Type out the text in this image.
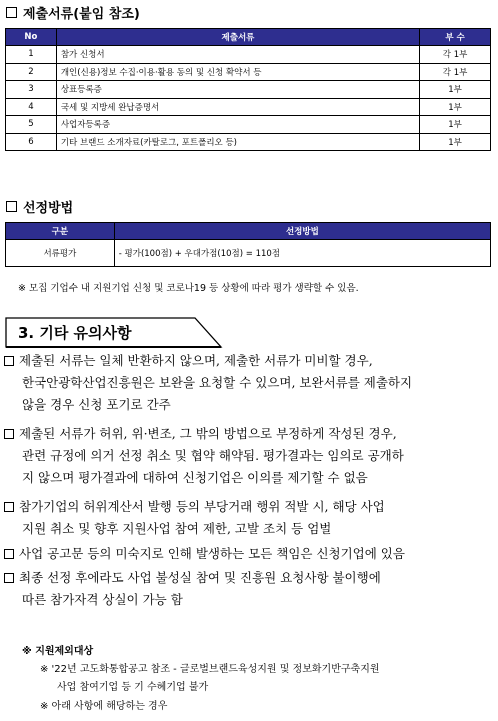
제출서류(붙임 참조)
No	제출서류	부 수
1	참가 신청서	각 1부
2	개인(신용)정보 수집·이용·활용 동의 및 신청 확약서 등	각 1부
3	상표등록증	1부
4	국세 및 지방세 완납증명서	1부
5	사업자등록증	1부
6	기타 브랜드 소개자료(카탈로그, 포트폴리오 등)	1부
선정방법
구분	선정방법
서류평가	- 평가(100점) + 우대가점(10점) = 110점
※ 모집 기업수 내 지원기업 신청 및 코로나19 등 상황에 따라 평가 생략할 수 있음.
3. 기타 유의사항
제출된 서류는 일체 반환하지 않으며, 제출한 서류가 미비할 경우,
한국안광학산업진흥원은 보완을 요청할 수 있으며, 보완서류를 제출하지
않을 경우 신청 포기로 간주
제출된 서류가 허위, 위·변조, 그 밖의 방법으로 부정하게 작성된 경우,
관련 규정에 의거 선정 취소 및 협약 해약됨. 평가결과는 임의로 공개하
지 않으며 평가결과에 대하여 신청기업은 이의를 제기할 수 없음
참가기업의 허위계산서 발행 등의 부당거래 행위 적발 시, 해당 사업
지원 취소 및 향후 지원사업 참여 제한, 고발 조치 등 엄벌
사업 공고문 등의 미숙지로 인해 발생하는 모든 책임은 신청기업에 있음
최종 선정 후에라도 사업 불성실 참여 및 진흥원 요청사항 불이행에
따른 참가자격 상실이 가능 함
※ 지원제외대상
※ '22년 고도화통합공고 참조 - 글로벌브랜드육성지원 및 정보화기반구축지원
사업 참여기업 등 기 수혜기업 불가
※ 아래 사항에 해당하는 경우
